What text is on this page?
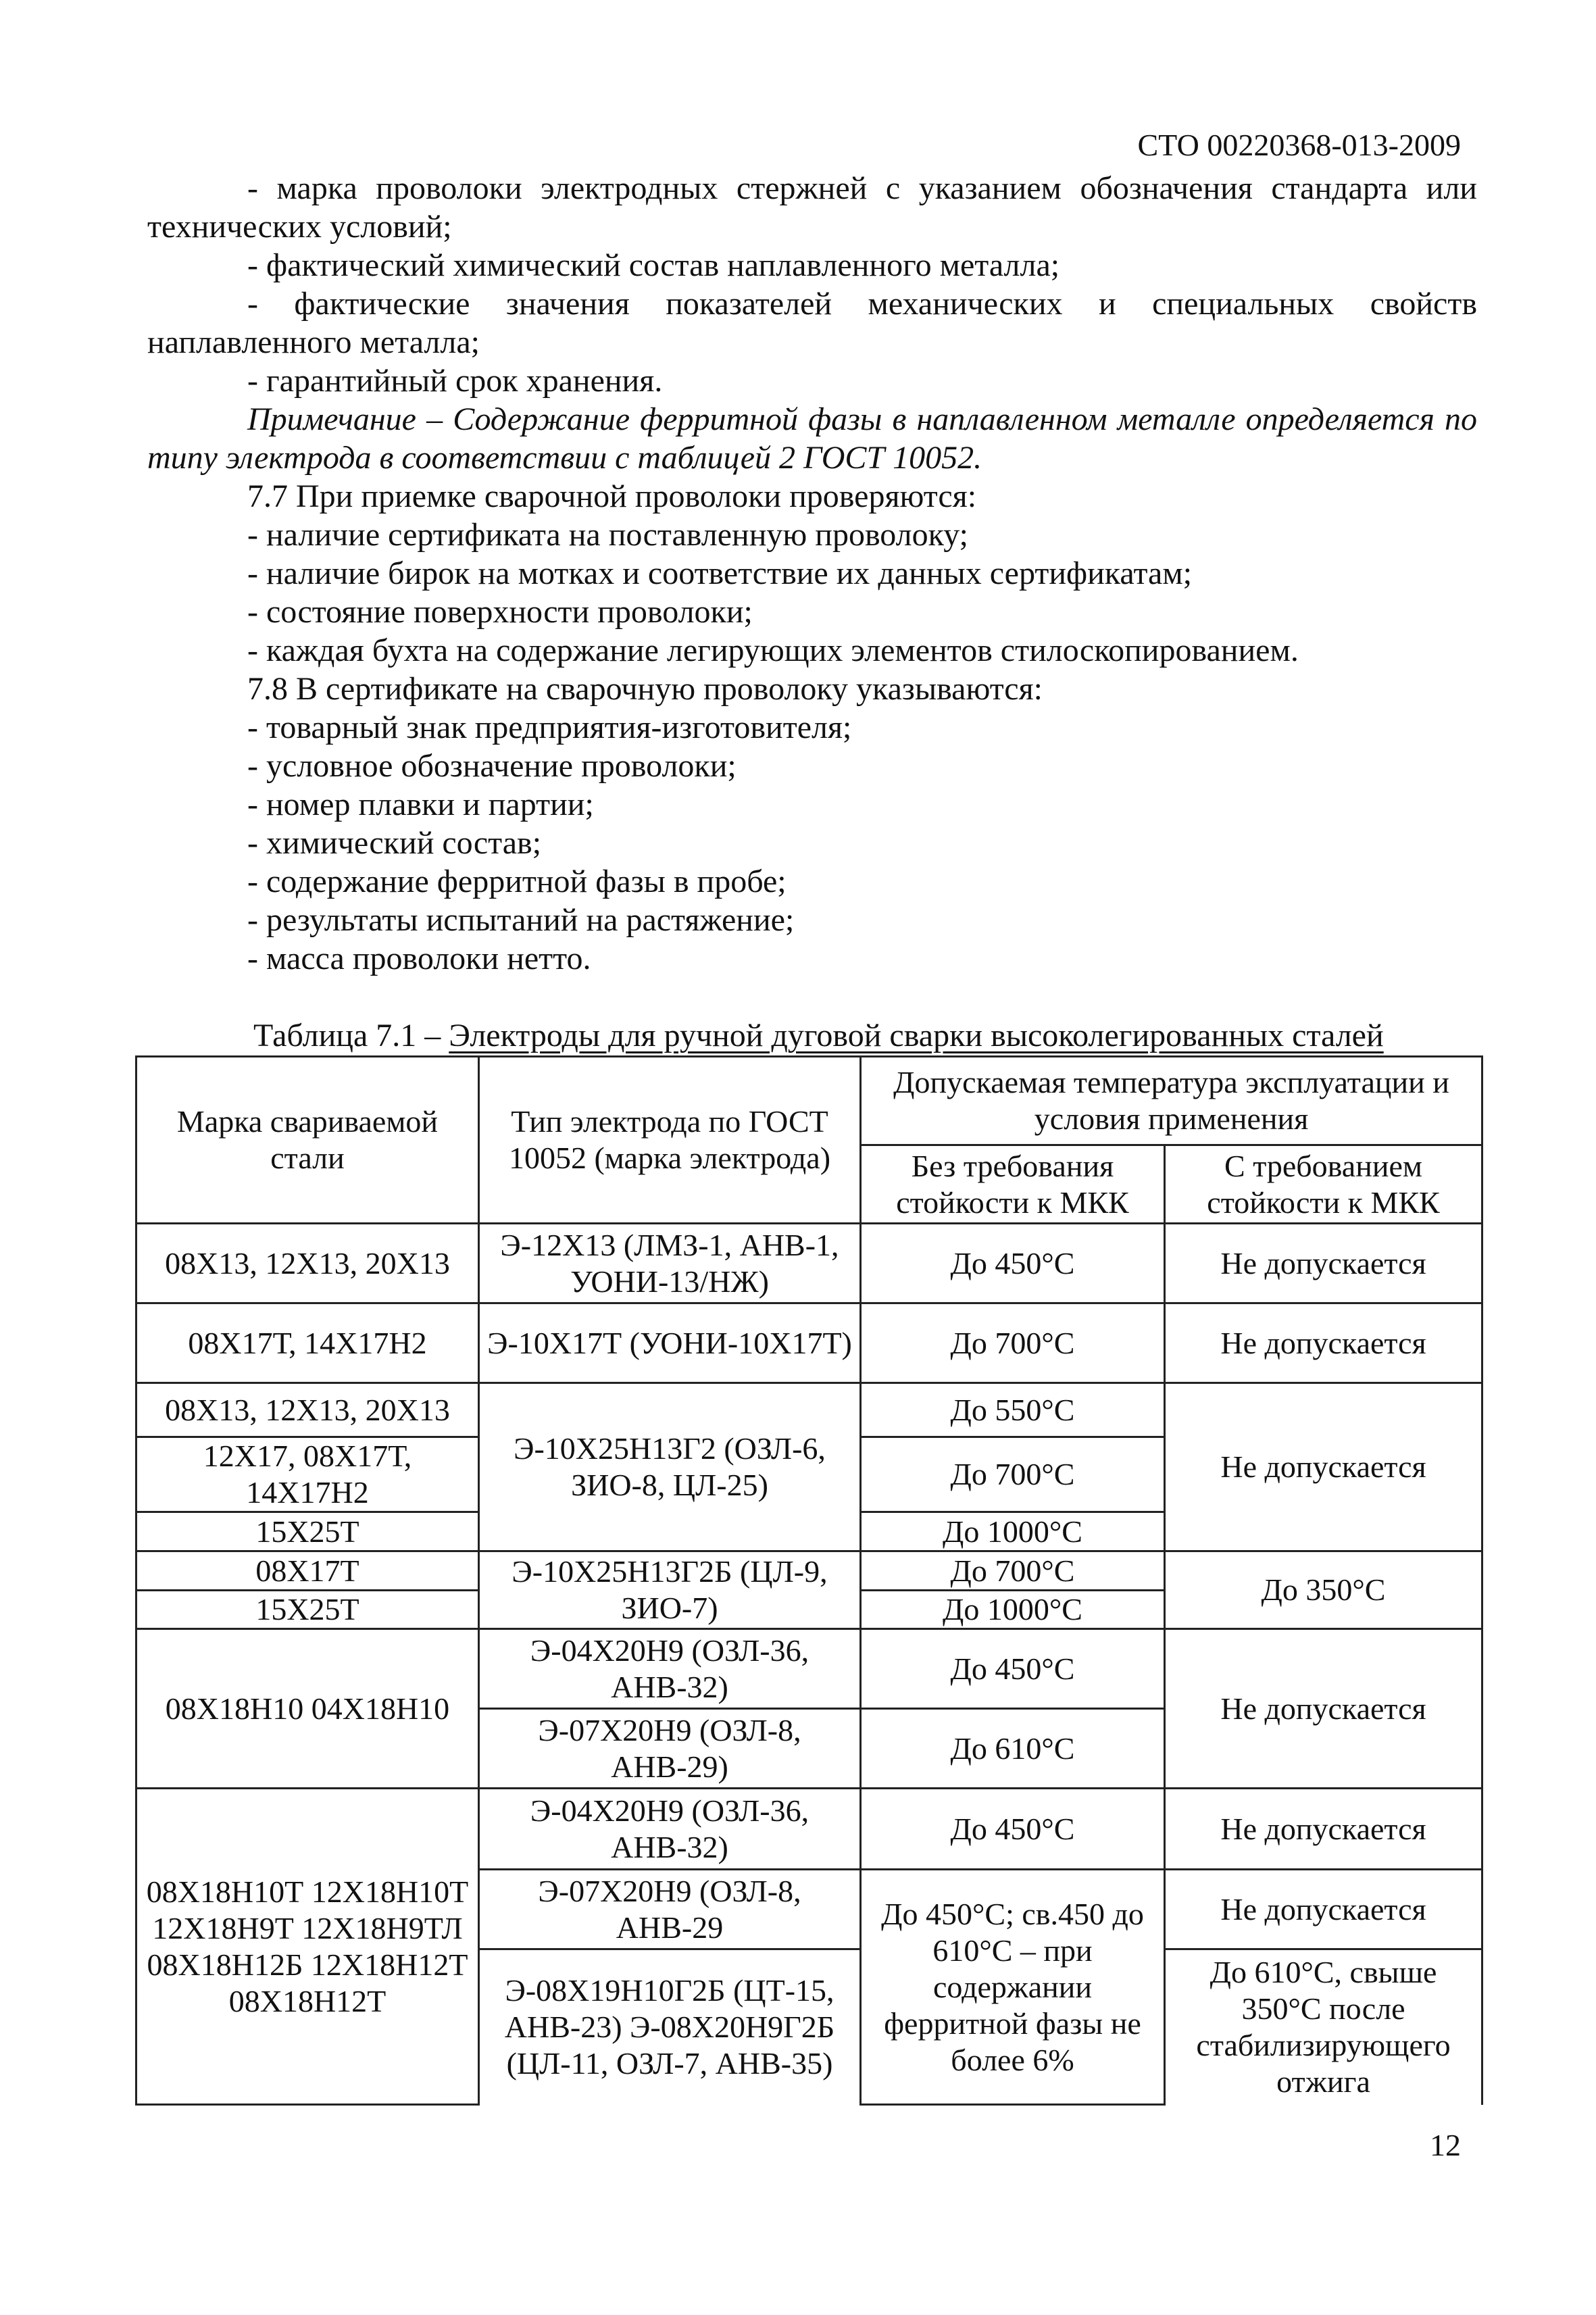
СТО 00220368-013-2009

- марка проволоки электродных стержней с указанием обозначения стандарта или технических условий;

- фактический химический состав наплавленного металла;

- фактические значения показателей механических и специальных свойств наплавленного металла;

- гарантийный срок хранения.

Примечание – Содержание ферритной фазы в наплавленном металле определяется по типу электрода в соответствии с таблицей 2 ГОСТ 10052.

7.7 При приемке сварочной проволоки проверяются:

- наличие сертификата на поставленную проволоку;

- наличие бирок на мотках и соответствие их данных сертификатам;

- состояние поверхности проволоки;

- каждая бухта на содержание легирующих элементов стилоскопированием.

7.8 В сертификате на сварочную проволоку указываются:

- товарный знак предприятия-изготовителя;

- условное обозначение проволоки;

- номер плавки и партии;

- химический состав;

- содержание ферритной фазы в пробе;

- результаты испытаний на растяжение;

- масса проволоки нетто.

Таблица 7.1 – Электроды для ручной дуговой сварки высоколегированных сталей
Марка свариваемой стали	Тип электрода по ГОСТ 10052 (марка электрода)	Допускаемая температура эксплуатации и условия применения	
		Без требования стойкости к МКК	С требованием стойкости к МКК
08Х13, 12Х13, 20Х13	Э-12Х13 (ЛМЗ-1, АНВ-1, УОНИ-13/НЖ)	До 450°С	Не допускается
08Х17Т, 14Х17Н2	Э-10Х17Т (УОНИ-10Х17Т)	До 700°С	Не допускается
08Х13, 12Х13, 20Х13	Э-10Х25Н13Г2 (ОЗЛ-6, ЗИО-8, ЦЛ-25)	До 550°С	Не допускается
12Х17, 08Х17Т, 14Х17Н2		До 700°С	
15Х25Т		До 1000°С	
08Х17Т	Э-10Х25Н13Г2Б (ЦЛ-9, ЗИО-7)	До 700°С	До 350°С
15Х25Т		До 1000°С	
08Х18Н10 04Х18Н10	Э-04Х20Н9 (ОЗЛ-36, АНВ-32)	До 450°С	Не допускается
	Э-07Х20Н9 (ОЗЛ-8, АНВ-29)	До 610°С	
08Х18Н10Т 12Х18Н10Т 12Х18Н9Т 12Х18Н9ТЛ 08Х18Н12Б 12Х18Н12Т 08Х18Н12Т	Э-04Х20Н9 (ОЗЛ-36, АНВ-32)	До 450°С	Не допускается
	Э-07Х20Н9 (ОЗЛ-8, АНВ-29	До 450°С; св.450 до 610°С – при содержании ферритной фазы не более 6%	Не допускается
	Э-08Х19Н10Г2Б (ЦТ-15, АНВ-23) Э-08Х20Н9Г2Б (ЦЛ-11, ОЗЛ-7, АНВ-35)		До 610°С, свыше 350°С после стабилизирующего отжига
12
